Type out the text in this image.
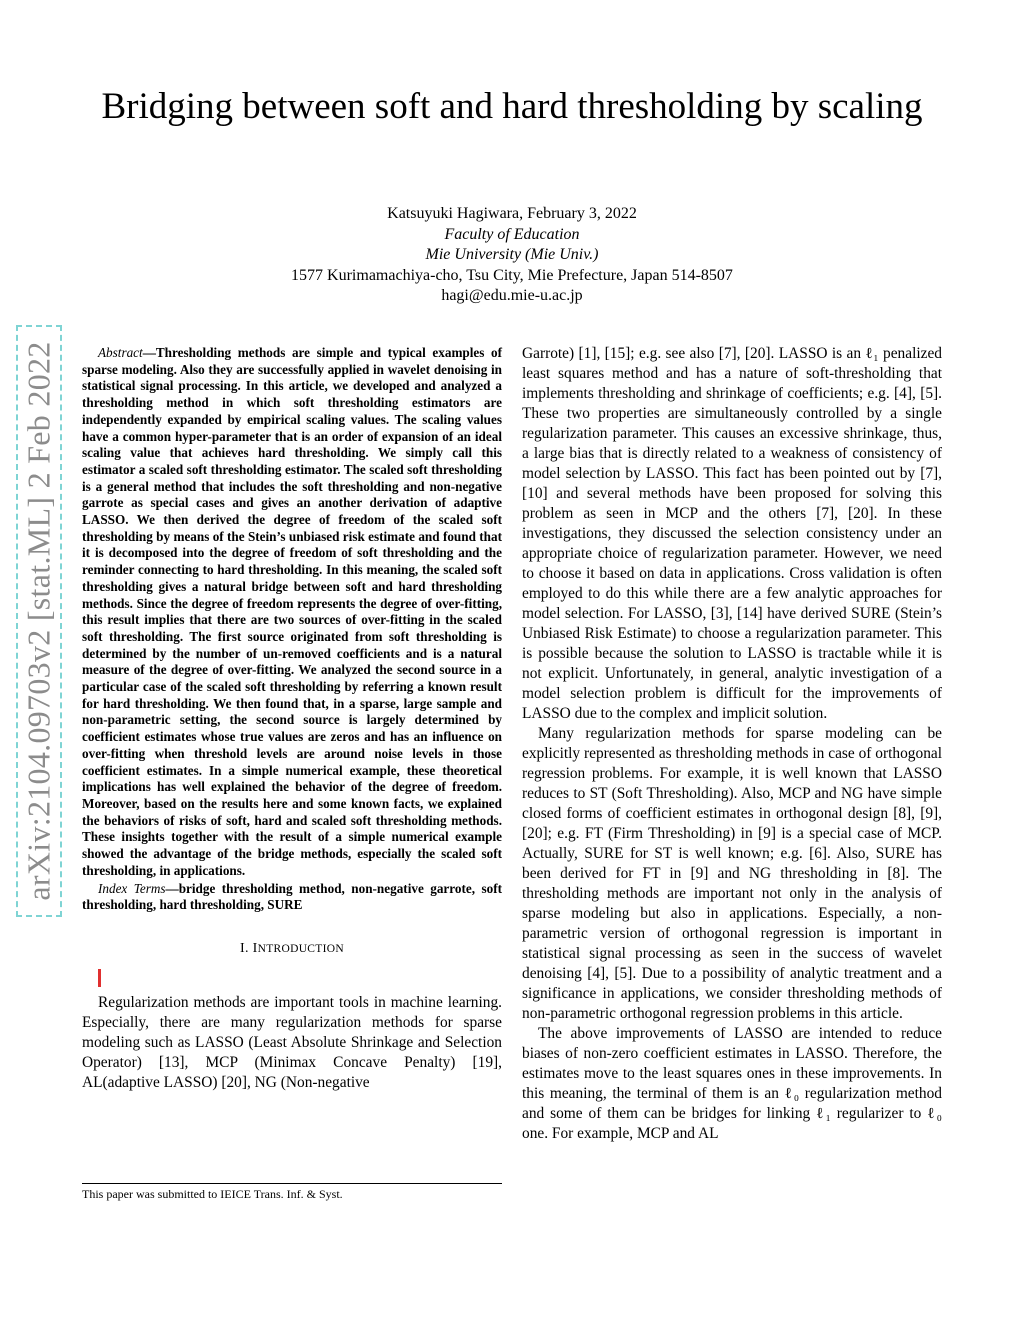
arXiv:2104.09703v2 [stat.ML] 2 Feb 2022
Bridging between soft and hard thresholding by scaling
Katsuyuki Hagiwara, February 3, 2022
Faculty of Education
Mie University (Mie Univ.)
1577 Kurimamachiya-cho, Tsu City, Mie Prefecture, Japan 514-8507
hagi@edu.mie-u.ac.jp

Abstract—Thresholding methods are simple and typical examples of sparse modeling. Also they are successfully applied in wavelet denoising in statistical signal processing. In this article, we developed and analyzed a thresholding method in which soft thresholding estimators are independently expanded by empirical scaling values. The scaling values have a common hyper-parameter that is an order of expansion of an ideal scaling value that achieves hard thresholding. We simply call this estimator a scaled soft thresholding estimator. The scaled soft thresholding is a general method that includes the soft thresholding and non-negative garrote as special cases and gives an another derivation of adaptive LASSO. We then derived the degree of freedom of the scaled soft thresholding by means of the Stein’s unbiased risk estimate and found that it is decomposed into the degree of freedom of soft thresholding and the reminder connecting to hard thresholding. In this meaning, the scaled soft thresholding gives a natural bridge between soft and hard thresholding methods. Since the degree of freedom represents the degree of over-fitting, this result implies that there are two sources of over-fitting in the scaled soft thresholding. The first source originated from soft thresholding is determined by the number of un-removed coefficients and is a natural measure of the degree of over-fitting. We analyzed the second source in a particular case of the scaled soft thresholding by referring a known result for hard thresholding. We then found that, in a sparse, large sample and non-parametric setting, the second source is largely determined by coefficient estimates whose true values are zeros and has an influence on over-fitting when threshold levels are around noise levels in those coefficient estimates. In a simple numerical example, these theoretical implications has well explained the behavior of the degree of freedom. Moreover, based on the results here and some known facts, we explained the behaviors of risks of soft, hard and scaled soft thresholding methods. These insights together with the result of a simple numerical example showed the advantage of the bridge methods, especially the scaled soft thresholding, in applications.

Index Terms—bridge thresholding method, non-negative garrote, soft thresholding, hard thresholding, SURE

I. INTRODUCTION

Regularization methods are important tools in machine learning. Especially, there are many regularization methods for sparse modeling such as LASSO (Least Absolute Shrinkage and Selection Operator) [13], MCP (Minimax Concave Penalty) [19], AL(adaptive LASSO) [20], NG (Non-negative

This paper was submitted to IEICE Trans. Inf. & Syst.

Garrote) [1], [15]; e.g. see also [7], [20]. LASSO is an ℓ₁ penalized least squares method and has a nature of soft-thresholding that implements thresholding and shrinkage of coefficients; e.g. [4], [5]. These two properties are simultaneously controlled by a single regularization parameter. This causes an excessive shrinkage, thus, a large bias that is directly related to a weakness of consistency of model selection by LASSO. This fact has been pointed out by [7], [10] and several methods have been proposed for solving this problem as seen in MCP and the others [7], [20]. In these investigations, they discussed the selection consistency under an appropriate choice of regularization parameter. However, we need to choose it based on data in applications. Cross validation is often employed to do this while there are a few analytic approaches for model selection. For LASSO, [3], [14] have derived SURE (Stein’s Unbiased Risk Estimate) to choose a regularization parameter. This is possible because the solution to LASSO is tractable while it is not explicit. Unfortunately, in general, analytic investigation of a model selection problem is difficult for the improvements of LASSO due to the complex and implicit solution.

Many regularization methods for sparse modeling can be explicitly represented as thresholding methods in case of orthogonal regression problems. For example, it is well known that LASSO reduces to ST (Soft Thresholding). Also, MCP and NG have simple closed forms of coefficient estimates in orthogonal design [8], [9], [20]; e.g. FT (Firm Thresholding) in [9] is a special case of MCP. Actually, SURE for ST is well known; e.g. [6]. Also, SURE has been derived for FT in [9] and NG thresholding in [8]. The thresholding methods are important not only in the analysis of sparse modeling but also in applications. Especially, a non-parametric version of orthogonal regression is important in statistical signal processing as seen in the success of wavelet denoising [4], [5]. Due to a possibility of analytic treatment and a significance in applications, we consider thresholding methods of non-parametric orthogonal regression problems in this article.

The above improvements of LASSO are intended to reduce biases of non-zero coefficient estimates in LASSO. Therefore, the estimates move to the least squares ones in these improvements. In this meaning, the terminal of them is an ℓ₀ regularization method and some of them can be bridges for linking ℓ₁ regularizer to ℓ₀ one. For example, MCP and AL
